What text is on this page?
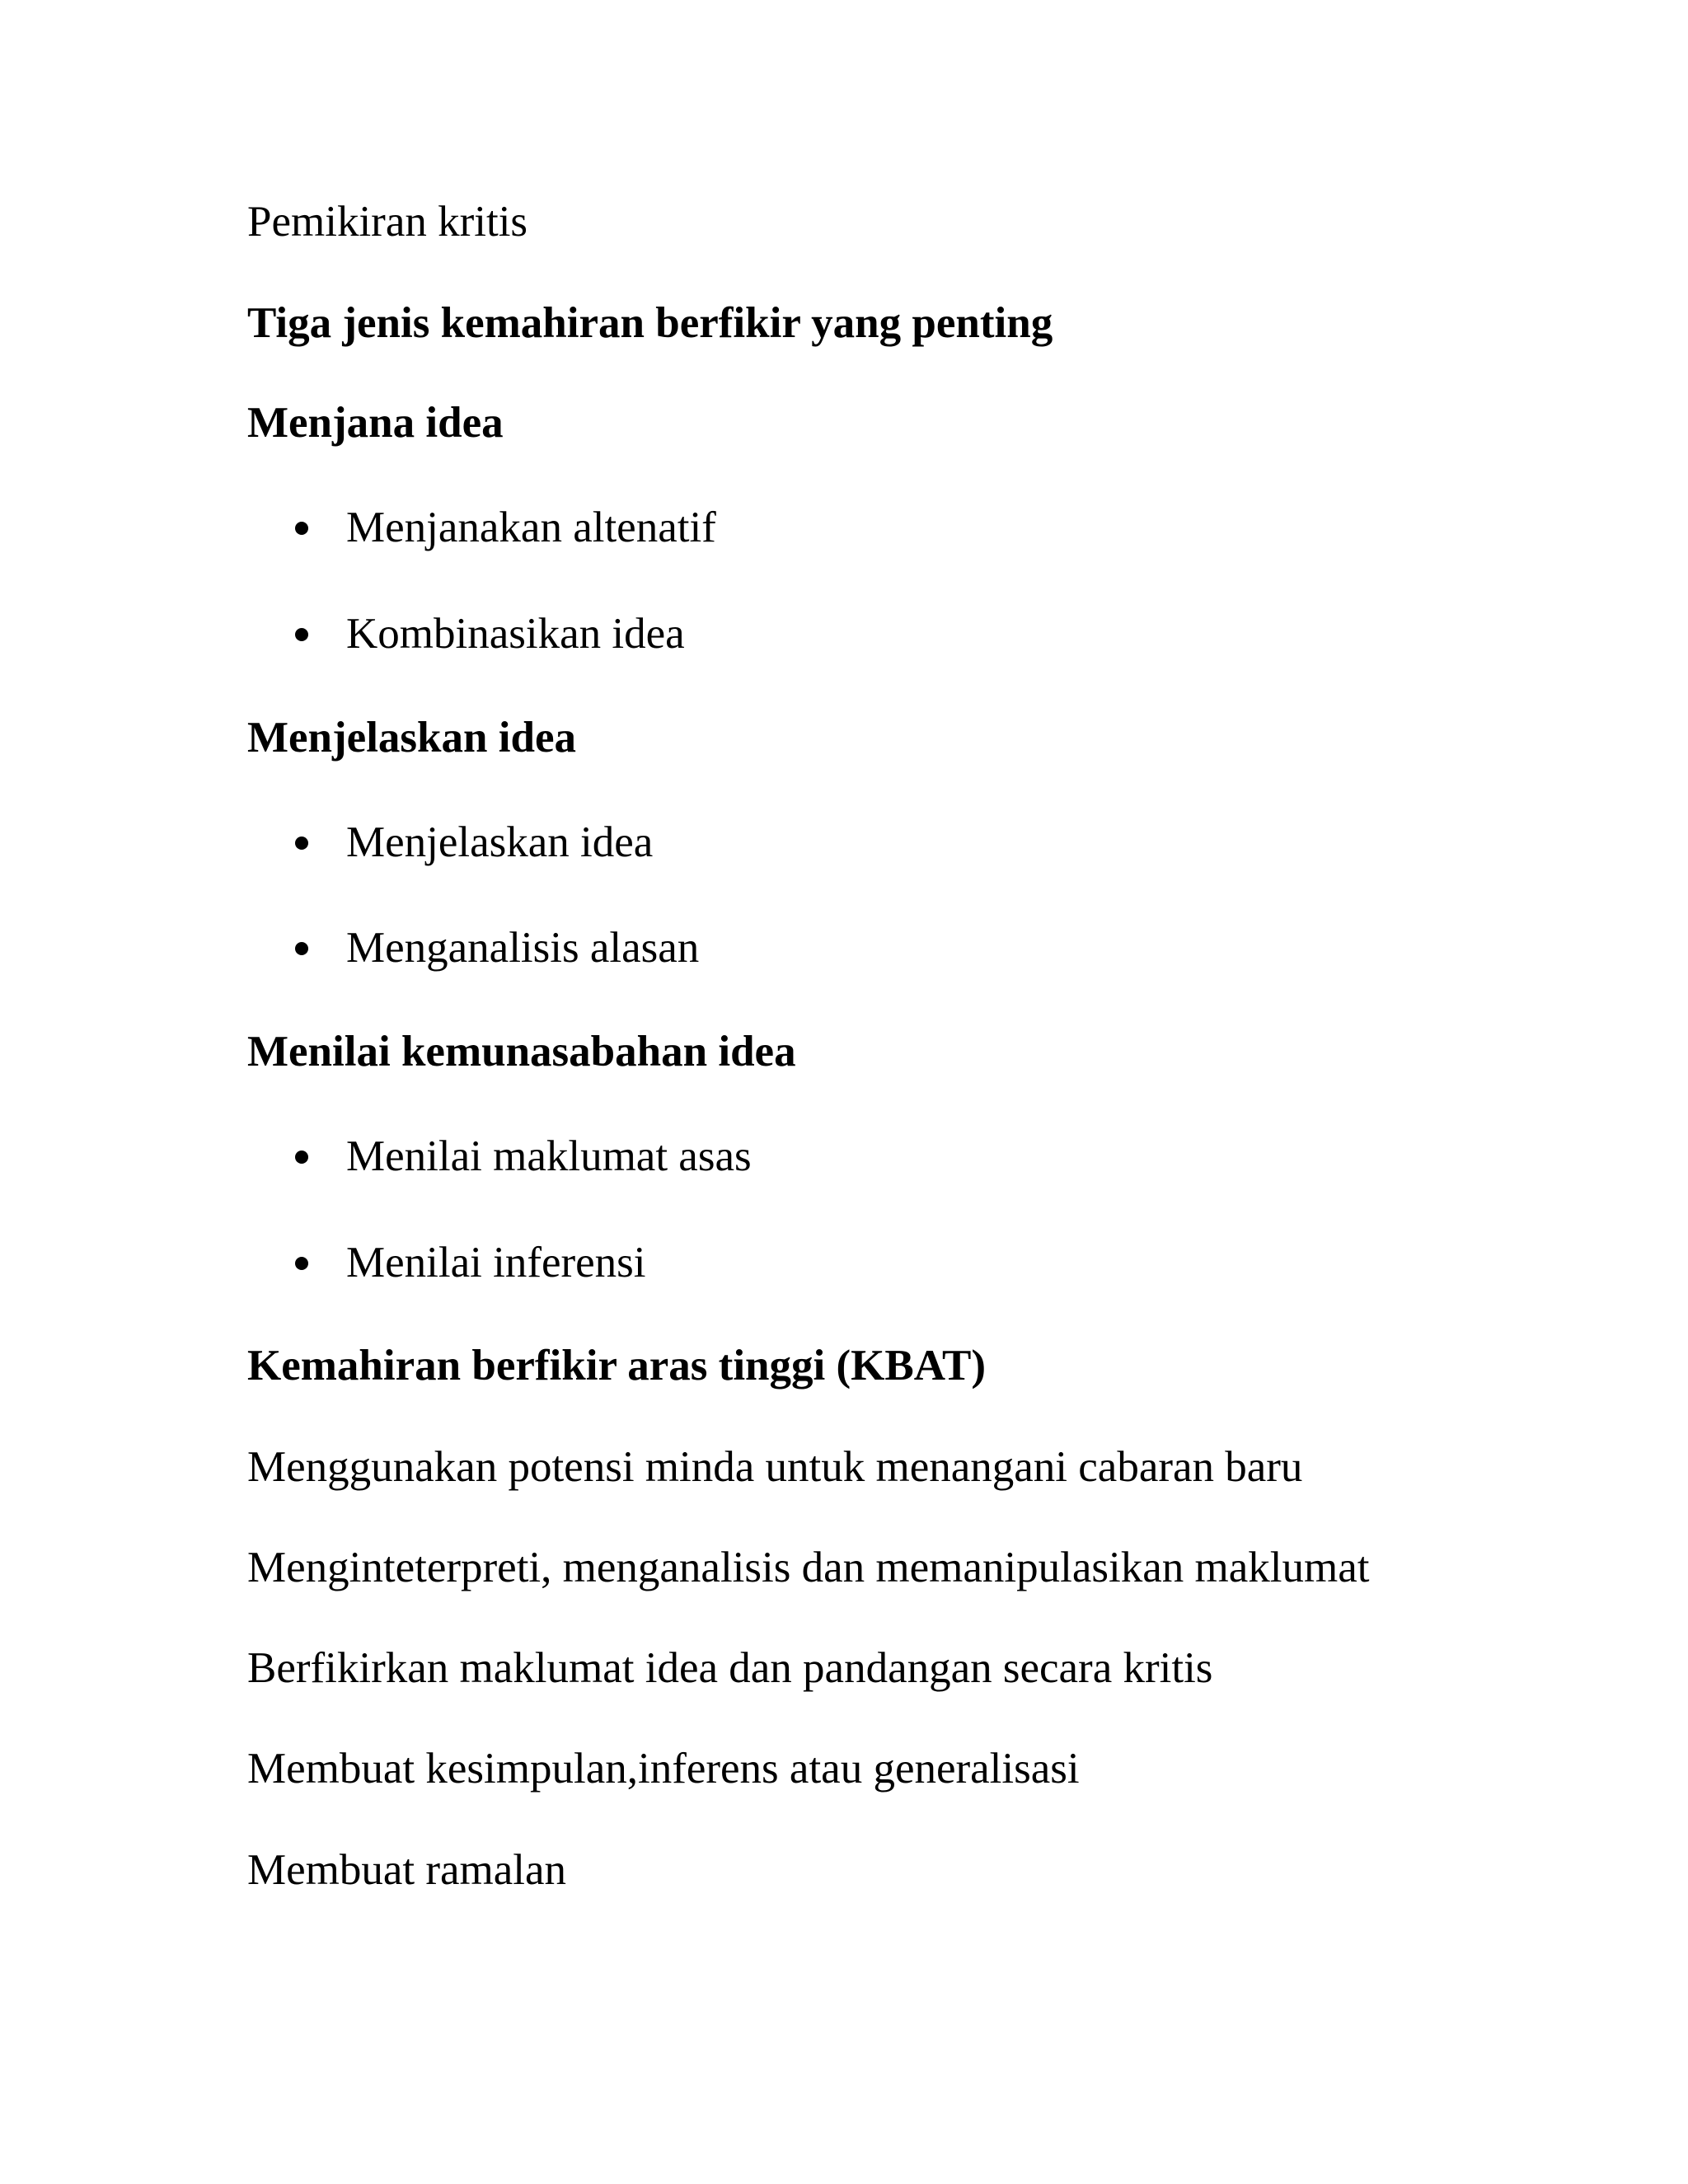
Pemikiran kritis
Tiga jenis kemahiran berfikir yang penting
Menjana idea
Menjanakan altenatif
Kombinasikan idea
Menjelaskan idea
Menjelaskan idea
Menganalisis alasan
Menilai kemunasabahan idea
Menilai maklumat asas
Menilai inferensi
Kemahiran berfikir aras tinggi (KBAT)
Menggunakan potensi minda untuk menangani cabaran baru
Menginteterpreti, menganalisis dan memanipulasikan maklumat
Berfikirkan maklumat idea dan pandangan secara kritis
Membuat kesimpulan,inferens atau generalisasi
Membuat ramalan
